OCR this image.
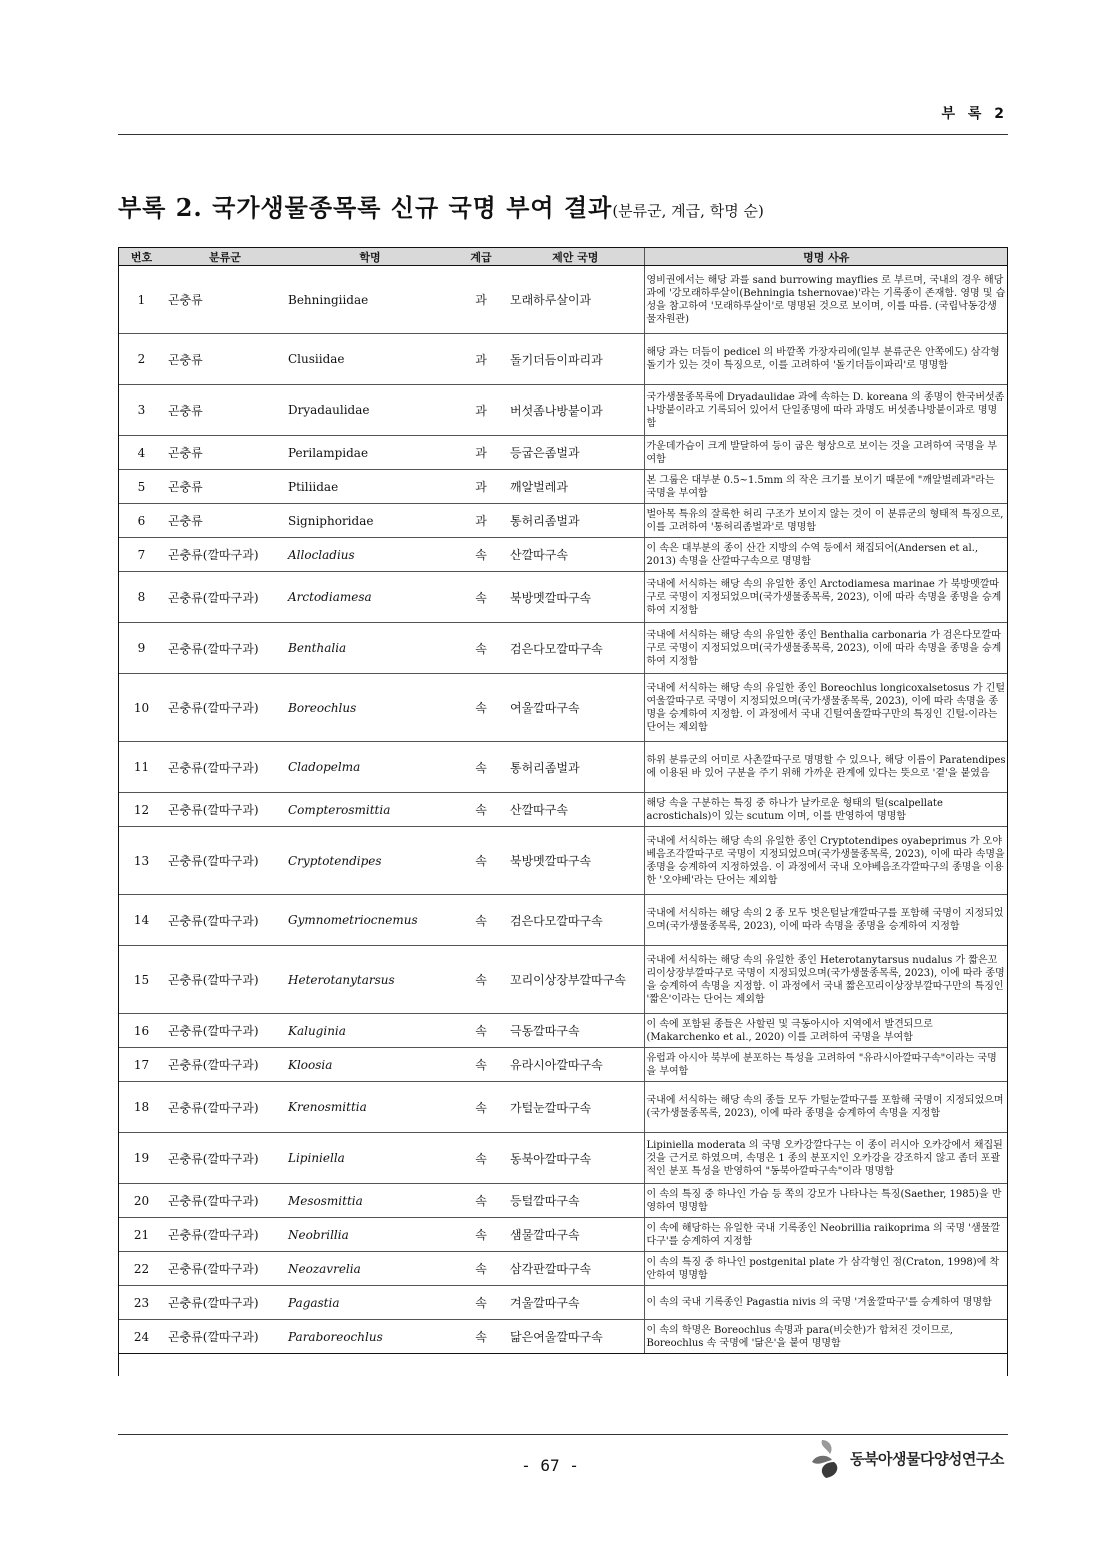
부 록 2
부록 2. 국가생물종목록 신규 국명 부여 결과(분류군, 계급, 학명 순)
번호	분류군	학명	계급	제안 국명	명명 사유
1	곤충류	Behningiidae	과	모래하루살이과	영비권에서는 해당 과를 sand burrowing mayflies 로 부르며, 국내의 경우 해당 과에 '강모래하루살이(Behningia tshernovae)'라는 기록종이 존재함. 영명 및 습성을 참고하여 '모래하루살이'로 명명된 것으로 보이며, 이를 따름. (국립낙동강생물자원관)
2	곤충류	Clusiidae	과	돌기더듬이파리과	해당 과는 더듬이 pedicel 의 바깥쪽 가장자리에(일부 분류군은 안쪽에도) 삼각형 돌기가 있는 것이 특징으로, 이를 고려하여 '돌기더듬이파리'로 명명함
3	곤충류	Dryadaulidae	과	버섯좀나방붙이과	국가생물종목록에 Dryadaulidae 과에 속하는 D. koreana 의 종명이 한국버섯좀나방붙이라고 기록되어 있어서 단일종명에 따라 과명도 버섯좀나방붙이과로 명명함
4	곤충류	Perilampidae	과	등굽은좀벌과	가운데가슴이 크게 발달하여 등이 굽은 형상으로 보이는 것을 고려하여 국명을 부여함
5	곤충류	Ptiliidae	과	깨알벌레과	본 그룹은 대부분 0.5~1.5mm 의 작은 크기를 보이기 때문에 "깨알벌레과"라는 국명을 부여함
6	곤충류	Signiphoridae	과	통허리좀벌과	벌아목 특유의 잘록한 허리 구조가 보이지 않는 것이 이 분류군의 형태적 특징으로, 이를 고려하여 '통허리좀벌과'로 명명함
7	곤충류(깔따구과)	Allocladius	속	산깔따구속	이 속은 대부분의 종이 산간 지방의 수역 등에서 채집되어(Andersen et al., 2013) 속명을 산깔따구속으로 명명함
8	곤충류(깔따구과)	Arctodiamesa	속	북방멧깔따구속	국내에 서식하는 해당 속의 유일한 종인 Arctodiamesa marinae 가 북방멧깔따구로 국명이 지정되었으며(국가생물종목록, 2023), 이에 따라 속명을 종명을 승계하여 지정함
9	곤충류(깔따구과)	Benthalia	속	검은다모깔따구속	국내에 서식하는 해당 속의 유일한 종인 Benthalia carbonaria 가 검은다모깔따구로 국명이 지정되었으며(국가생물종목록, 2023), 이에 따라 속명을 종명을 승계하여 지정함
10	곤충류(깔따구과)	Boreochlus	속	여울깔따구속	국내에 서식하는 해당 속의 유일한 종인 Boreochlus longicoxalsetosus 가 긴털여울깔따구로 국명이 지정되었으며(국가생물종목록, 2023), 이에 따라 속명을 종명을 승계하여 지정함. 이 과정에서 국내 긴털여울깔따구만의 특징인 긴털-이라는 단어는 제외함
11	곤충류(깔따구과)	Cladopelma	속	통허리좀벌과	하위 분류군의 어미로 사촌깔따구로 명명할 수 있으나, 해당 이름이 Paratendipes 에 이용된 바 있어 구분을 주기 위해 가까운 관계에 있다는 뜻으로 '곁'을 붙였음
12	곤충류(깔따구과)	Compterosmittia	속	산깔따구속	해당 속을 구분하는 특징 중 하나가 날카로운 형태의 털(scalpellate acrostichals)이 있는 scutum 이며, 이를 반영하여 명명함
13	곤충류(깔따구과)	Cryptotendipes	속	북방멧깔따구속	국내에 서식하는 해당 속의 유일한 종인 Cryptotendipes oyabeprimus 가 오야베음조각깔따구로 국명이 지정되었으며(국가생물종목록, 2023), 이에 따라 속명을 종명을 승계하여 지정하였음. 이 과정에서 국내 오야베음조각깔따구의 종명을 이용한 '오야베'라는 단어는 제외함
14	곤충류(깔따구과)	Gymnometriocnemus	속	검은다모깔따구속	국내에 서식하는 해당 속의 2 종 모두 벗은털날개깔따구를 포함해 국명이 지정되었으며(국가생물종목록, 2023), 이에 따라 속명을 종명을 승계하여 지정함
15	곤충류(깔따구과)	Heterotanytarsus	속	꼬리이상장부깔따구속	국내에 서식하는 해당 속의 유일한 종인 Heterotanytarsus nudalus 가 짧은꼬리이상장부깔따구로 국명이 지정되었으며(국가생물종목록, 2023), 이에 따라 종명을 승계하여 속명을 지정함. 이 과정에서 국내 짧은꼬리이상장부깔따구만의 특징인 '짧은'이라는 단어는 제외함
16	곤충류(깔따구과)	Kaluginia	속	극동깔따구속	이 속에 포함된 종들은 사할린 및 극동아시아 지역에서 발견되므로(Makarchenko et al., 2020) 이를 고려하여 국명을 부여함
17	곤충류(깔따구과)	Kloosia	속	유라시아깔따구속	유럽과 아시아 북부에 분포하는 특성을 고려하여 "유라시아깔따구속"이라는 국명을 부여함
18	곤충류(깔따구과)	Krenosmittia	속	가털눈깔따구속	국내에 서식하는 해당 속의 종들 모두 가털눈깔따구를 포함해 국명이 지정되었으며(국가생물종목록, 2023), 이에 따라 종명을 승계하여 속명을 지정함
19	곤충류(깔따구과)	Lipiniella	속	동북아깔따구속	Lipiniella moderata 의 국명 오카강깔다구는 이 종이 러시아 오카강에서 채집된 것을 근거로 하였으며, 속명은 1 종의 분포지인 오카강을 강조하지 않고 좀더 포괄적인 분포 특성을 반영하여 "동북아깔따구속"이라 명명함
20	곤충류(깔따구과)	Mesosmittia	속	등털깔따구속	이 속의 특징 중 하나인 가슴 등 쪽의 강모가 나타나는 특징(Saether, 1985)을 반영하여 명명함
21	곤충류(깔따구과)	Neobrillia	속	샘물깔따구속	이 속에 해당하는 유일한 국내 기록종인 Neobrillia raikoprima 의 국명 '샘물깔다구'를 승계하여 지정함
22	곤충류(깔따구과)	Neozavrelia	속	삼각판깔따구속	이 속의 특징 중 하나인 postgenital plate 가 삼각형인 점(Craton, 1998)에 착안하여 명명함
23	곤충류(깔따구과)	Pagastia	속	겨울깔따구속	이 속의 국내 기록종인 Pagastia nivis 의 국명 '겨울깔따구'를 승계하여 명명함
24	곤충류(깔따구과)	Paraboreochlus	속	닮은여울깔따구속	이 속의 학명은 Boreochlus 속명과 para(비슷한)가 합쳐진 것이므로, Boreochlus 속 국명에 '닮은'을 붙여 명명함
- 67 -	동북아생물다양성연구소
